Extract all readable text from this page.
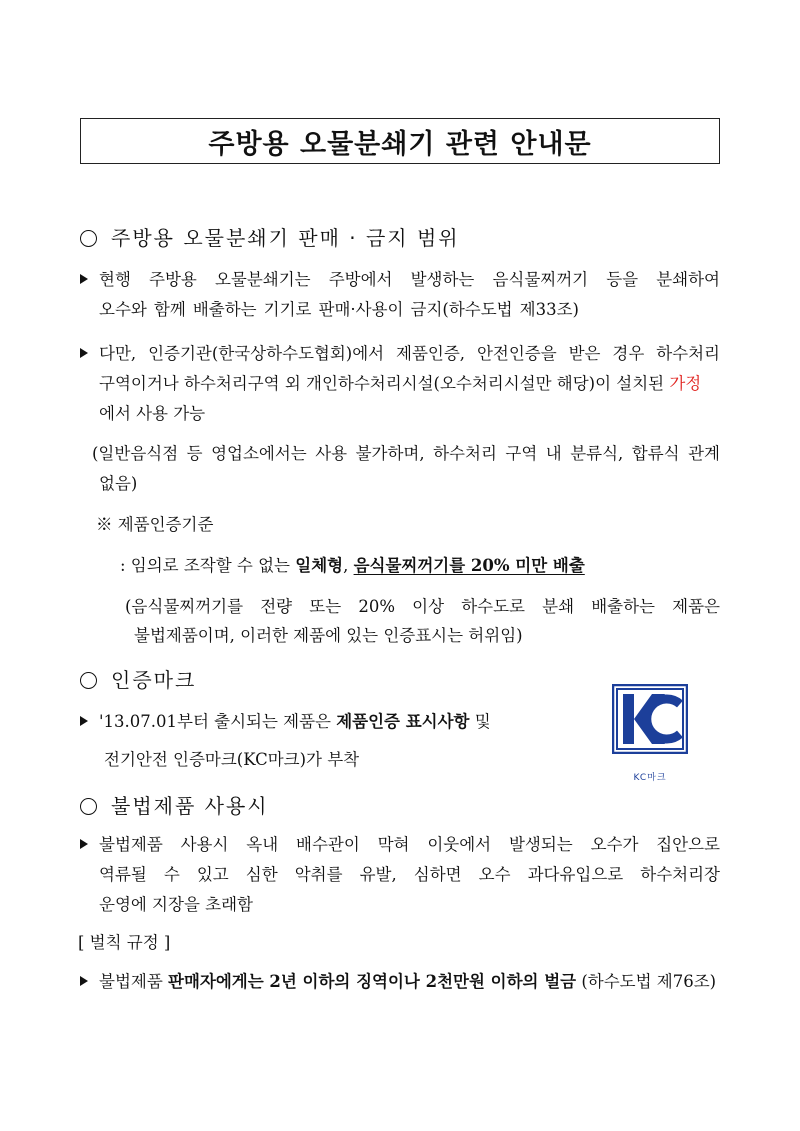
주방용 오물분쇄기 관련 안내문
주방용 오물분쇄기 판매 · 금지 범위
현행 주방용 오물분쇄기는 주방에서 발생하는 음식물찌꺼기 등을 분쇄하여
오수와 함께 배출하는 기기로 판매·사용이 금지(하수도법 제33조)
다만, 인증기관(한국상하수도협회)에서 제품인증, 안전인증을 받은 경우 하수처리
구역이거나 하수처리구역 외 개인하수처리시설(오수처리시설만 해당)이 설치된 가정
에서 사용 가능
(일반음식점 등 영업소에서는 사용 불가하며, 하수처리 구역 내 분류식, 합류식 관계
없음)
※ 제품인증기준
: 임의로 조작할 수 없는 일체형, 음식물찌꺼기를 20% 미만 배출
(음식물찌꺼기를 전량 또는 20% 이상 하수도로 분쇄 배출하는 제품은
불법제품이며, 이러한 제품에 있는 인증표시는 허위임)
인증마크
'13.07.01부터 출시되는 제품은 제품인증 표시사항 및
전기안전 인증마크(KC마크)가 부착
KC마크
불법제품 사용시
불법제품 사용시 옥내 배수관이 막혀 이웃에서 발생되는 오수가 집안으로
역류될 수 있고 심한 악취를 유발, 심하면 오수 과다유입으로 하수처리장
운영에 지장을 초래함
[ 벌칙 규정 ]
불법제품 판매자에게는 2년 이하의 징역이나 2천만원 이하의 벌금 (하수도법 제76조)
